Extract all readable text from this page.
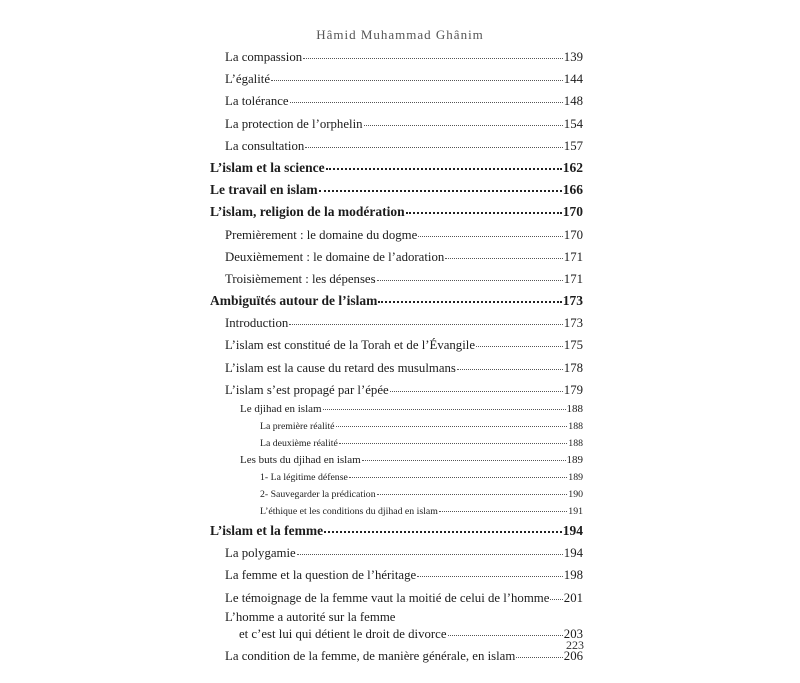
Hâmid Muhammad Ghânim
La compassion	139
L’égalité	144
La tolérance	148
La protection de l’orphelin	154
La consultation	157
L’islam et la science	162
Le travail en islam	166
L’islam, religion de la modération	170
Premièrement : le domaine du dogme	170
Deuxièmement : le domaine de l’adoration	171
Troisièmement : les dépenses	171
Ambiguïtés autour de l’islam	173
Introduction	173
L’islam est constitué de la Torah et de l’Évangile	175
L’islam est la cause du retard des musulmans	178
L’islam s’est propagé par l’épée	179
Le djihad en islam	188
La première réalité	188
La deuxième réalité	188
Les buts du djihad en islam	189
1- La légitime défense	189
2- Sauvegarder la prédication	190
L’éthique et les conditions du djihad en islam	191
L’islam et la femme	194
La polygamie	194
La femme et la question de l’héritage	198
Le témoignage de la femme vaut la moitié de celui de l’homme 201
L’homme a autorité sur la femme
et c’est lui qui détient le droit de divorce	203
La condition de la femme, de manière générale, en islam	206
223
